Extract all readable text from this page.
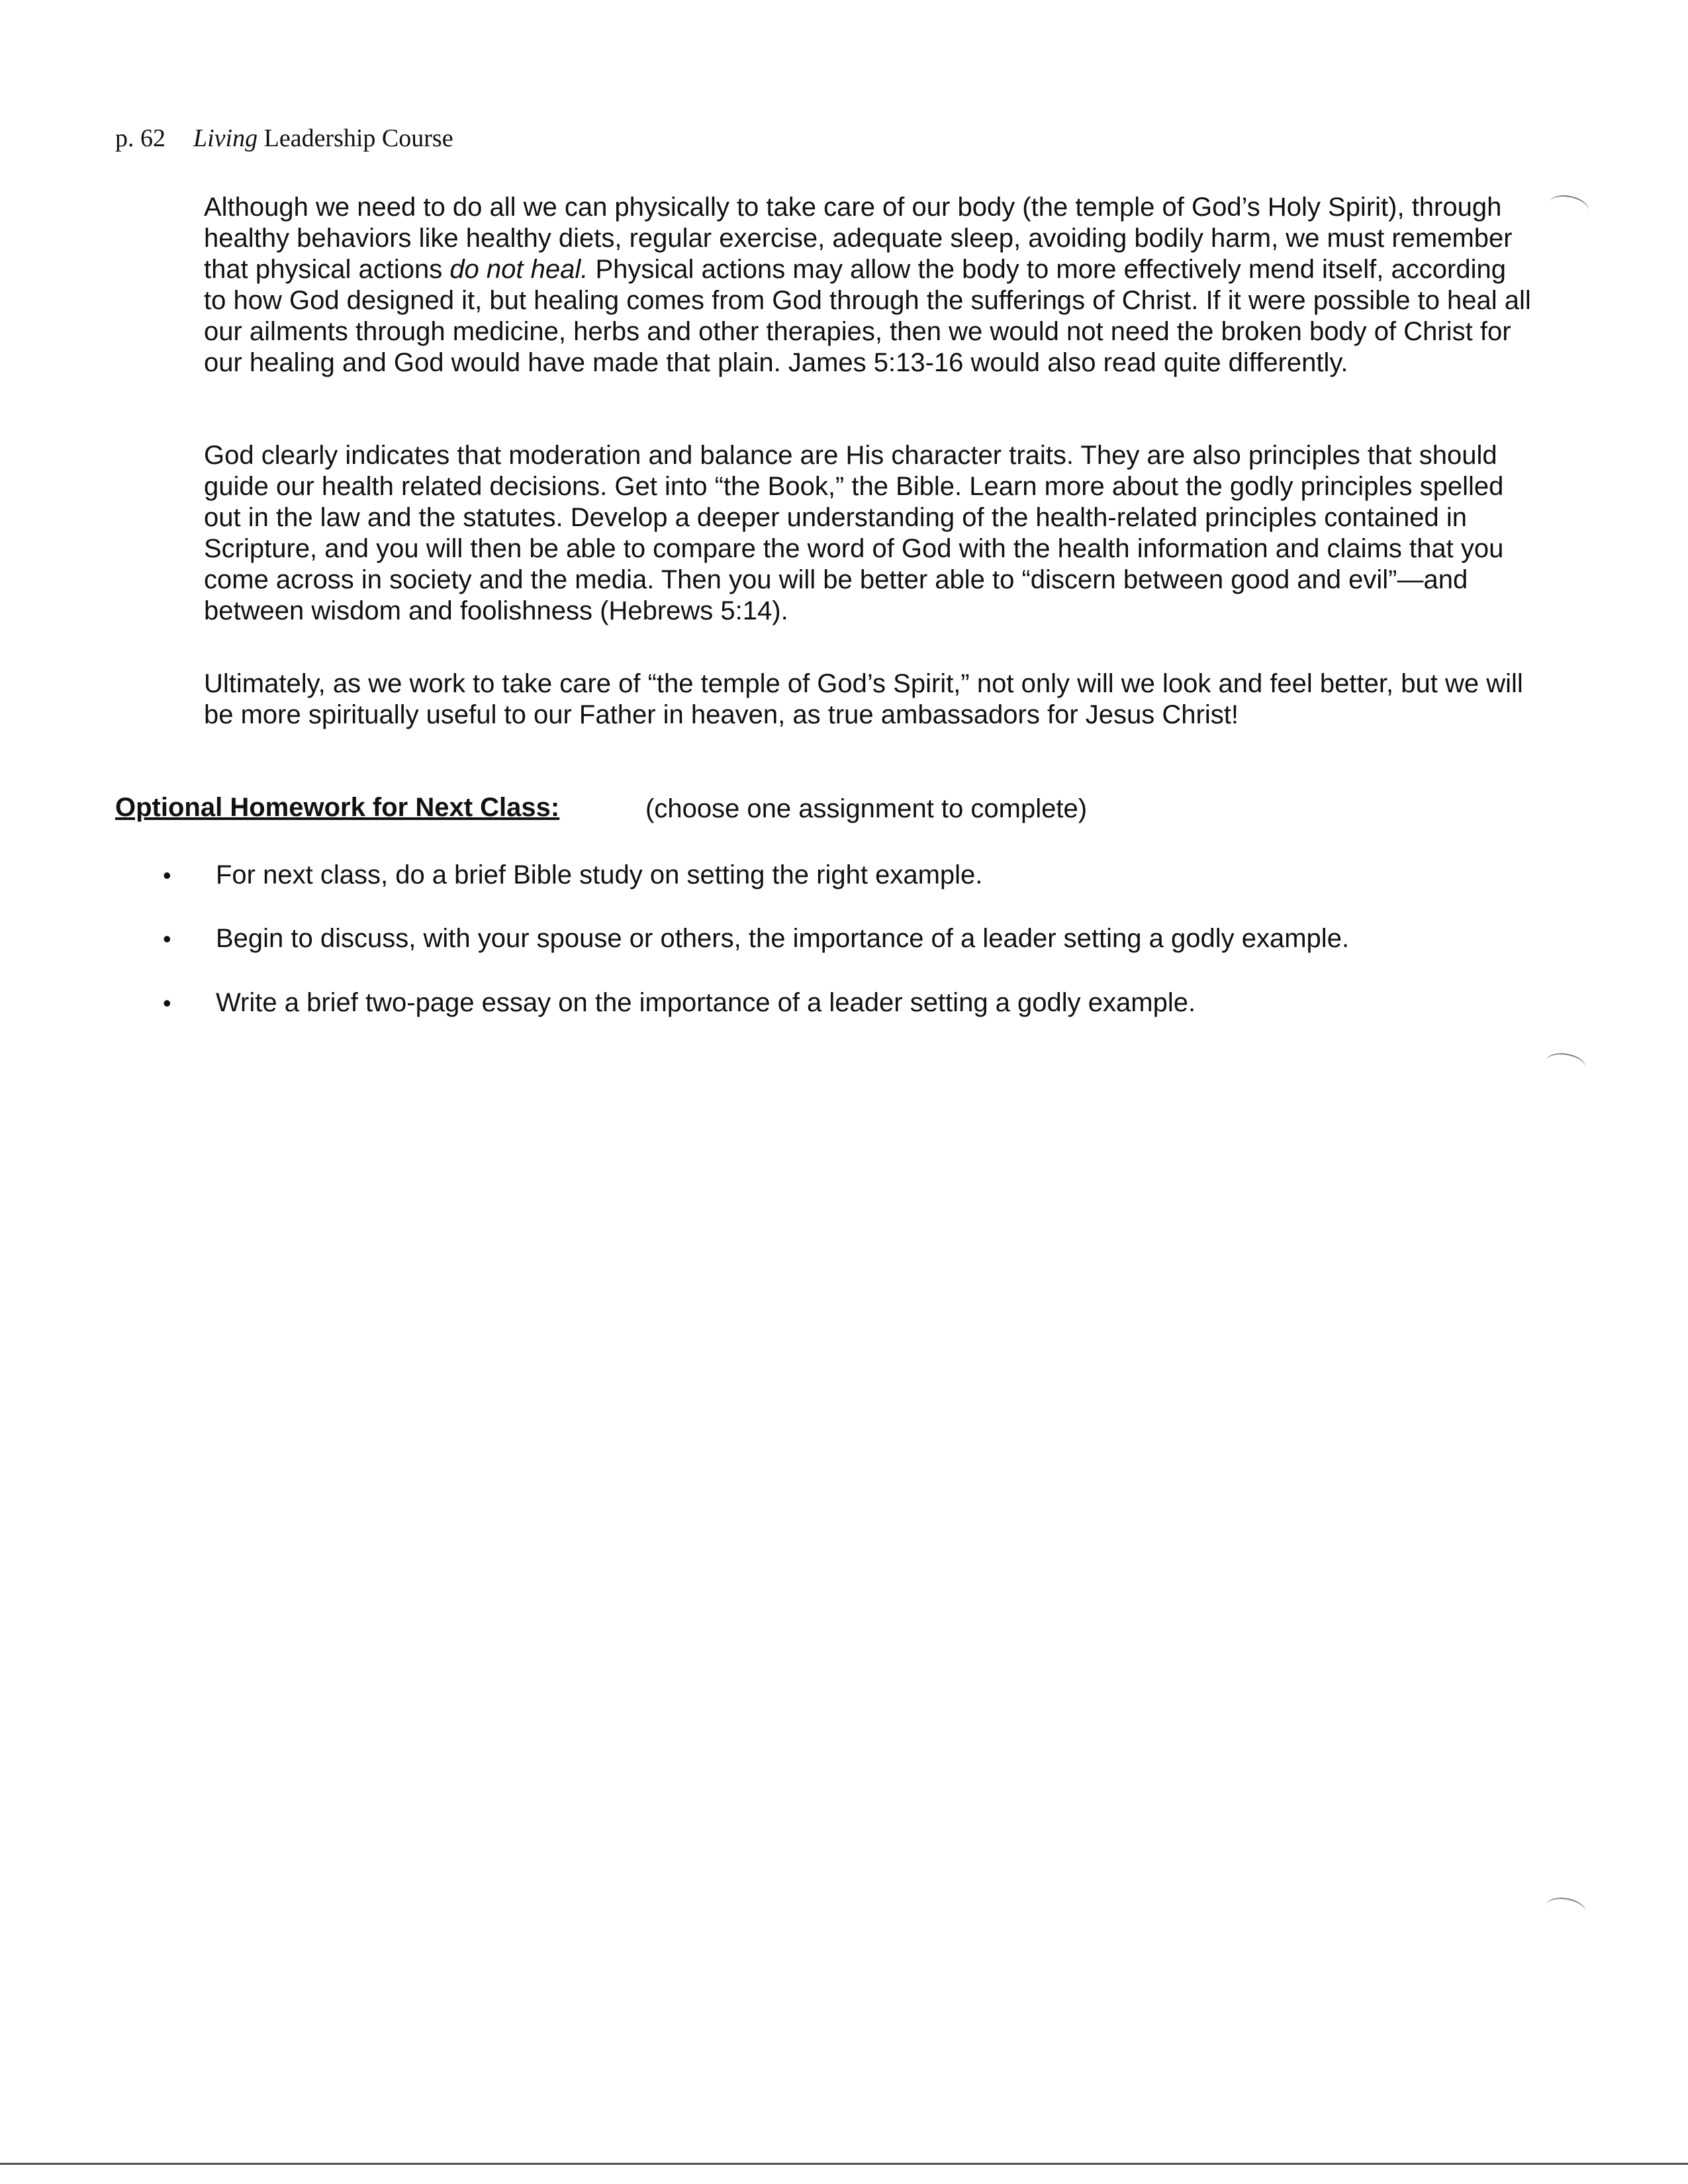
p. 62 Living Leadership Course

Although we need to do all we can physically to take care of our body (the temple of God’s Holy Spirit), through healthy behaviors like healthy diets, regular exercise, adequate sleep, avoiding bodily harm, we must remember that physical actions do not heal. Physical actions may allow the body to more effectively mend itself, according to how God designed it, but healing comes from God through the sufferings of Christ. If it were possible to heal all our ailments through medicine, herbs and other therapies, then we would not need the broken body of Christ for our healing and God would have made that plain. James 5:13-16 would also read quite differently.

God clearly indicates that moderation and balance are His character traits. They are also principles that should guide our health related decisions. Get into “the Book,” the Bible. Learn more about the godly principles spelled out in the law and the statutes. Develop a deeper understanding of the health-related principles contained in Scripture, and you will then be able to compare the word of God with the health information and claims that you come across in society and the media. Then you will be better able to “discern between good and evil”—and between wisdom and foolishness (Hebrews 5:14).

Ultimately, as we work to take care of “the temple of God’s Spirit,” not only will we look and feel better, but we will be more spiritually useful to our Father in heaven, as true ambassadors for Jesus Christ!

Optional Homework for Next Class:	(choose one assignment to complete)
• For next class, do a brief Bible study on setting the right example.
• Begin to discuss, with your spouse or others, the importance of a leader setting a godly example.
• Write a brief two-page essay on the importance of a leader setting a godly example.
